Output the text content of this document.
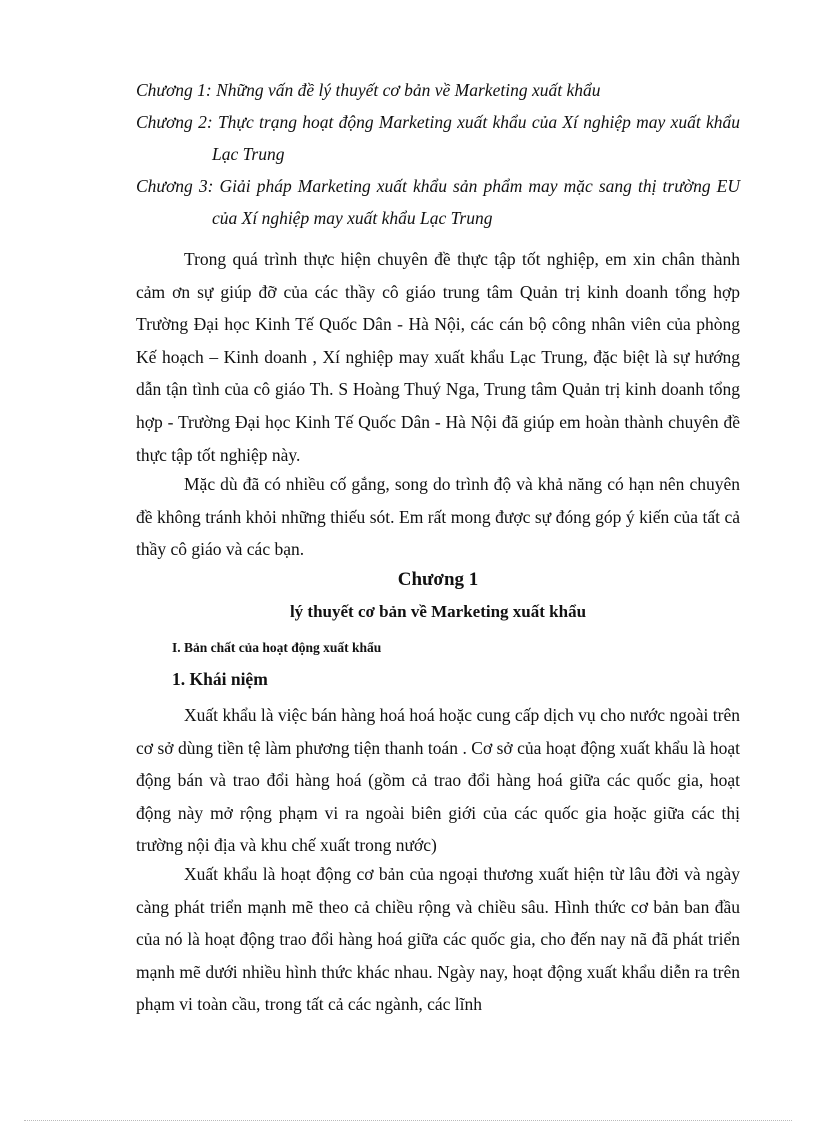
Chương 1: Những vấn đề lý thuyết cơ bản về Marketing xuất khẩu

Chương 2: Thực trạng hoạt động Marketing xuất khẩu của Xí nghiệp may xuất khẩu Lạc Trung

Chương 3: Giải pháp Marketing xuất khẩu sản phẩm may mặc sang thị trường EU của Xí nghiệp may xuất khẩu Lạc Trung

Trong quá trình thực hiện chuyên đề thực tập tốt nghiệp, em xin chân thành cảm ơn sự giúp đỡ của các thầy cô giáo trung tâm Quản trị kinh doanh tổng hợp Trường Đại học Kinh Tế Quốc Dân - Hà Nội, các cán bộ công nhân viên của phòng Kế hoạch – Kinh doanh , Xí nghiệp may xuất khẩu Lạc Trung, đặc biệt là sự hướng dẫn tận tình của cô giáo Th. S Hoàng Thuý Nga, Trung tâm Quản trị kinh doanh tổng hợp - Trường Đại học Kinh Tế Quốc Dân - Hà Nội đã giúp em hoàn thành chuyên đề thực tập tốt nghiệp này.

Mặc dù đã có nhiều cố gắng, song do trình độ và khả năng có hạn nên chuyên đề không tránh khỏi những thiếu sót. Em rất mong được sự đóng góp ý kiến của tất cả thầy cô giáo và các bạn.

Chương 1
lý thuyết cơ bản về Marketing xuất khẩu
I. Bản chất của hoạt động xuất khẩu
1. Khái niệm

Xuất khẩu là việc bán hàng hoá hoá hoặc cung cấp dịch vụ cho nước ngoài trên cơ sở dùng tiền tệ làm phương tiện thanh toán . Cơ sở của hoạt động xuất khẩu là hoạt động bán và trao đổi hàng hoá (gồm cả trao đổi hàng hoá giữa các quốc gia, hoạt động này mở rộng phạm vi ra ngoài biên giới của các quốc gia hoặc giữa các thị trường nội địa và khu chế xuất trong nước)

Xuất khẩu là hoạt động cơ bản của ngoại thương xuất hiện từ lâu đời và ngày càng phát triển mạnh mẽ theo cả chiều rộng và chiều sâu. Hình thức cơ bản ban đầu của nó là hoạt động trao đổi hàng hoá giữa các quốc gia, cho đến nay nã đã phát triển mạnh mẽ dưới nhiều hình thức khác nhau. Ngày nay, hoạt động xuất khẩu diễn ra trên phạm vi toàn cầu, trong tất cả các ngành, các lĩnh
